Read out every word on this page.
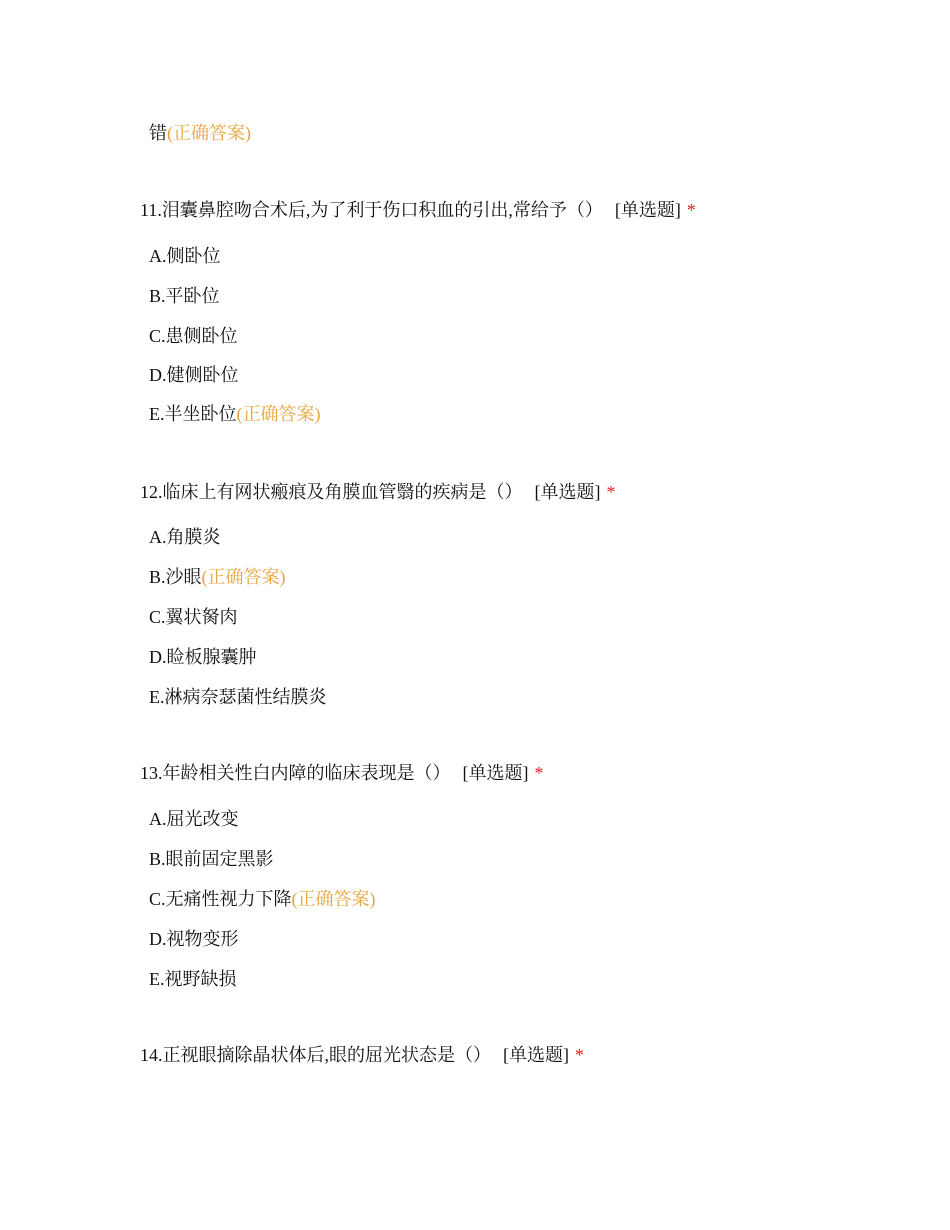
错(正确答案)
11.泪囊鼻腔吻合术后,为了利于伤口积血的引出,常给予（） [单选题] *
A.侧卧位
B.平卧位
C.患侧卧位
D.健侧卧位
E.半坐卧位(正确答案)
12.临床上有网状瘢痕及角膜血管翳的疾病是（） [单选题] *
A.角膜炎
B.沙眼(正确答案)
C.翼状胬肉
D.睑板腺囊肿
E.淋病奈瑟菌性结膜炎
13.年龄相关性白内障的临床表现是（） [单选题] *
A.屈光改变
B.眼前固定黑影
C.无痛性视力下降(正确答案)
D.视物变形
E.视野缺损
14.正视眼摘除晶状体后,眼的屈光状态是（） [单选题] *
